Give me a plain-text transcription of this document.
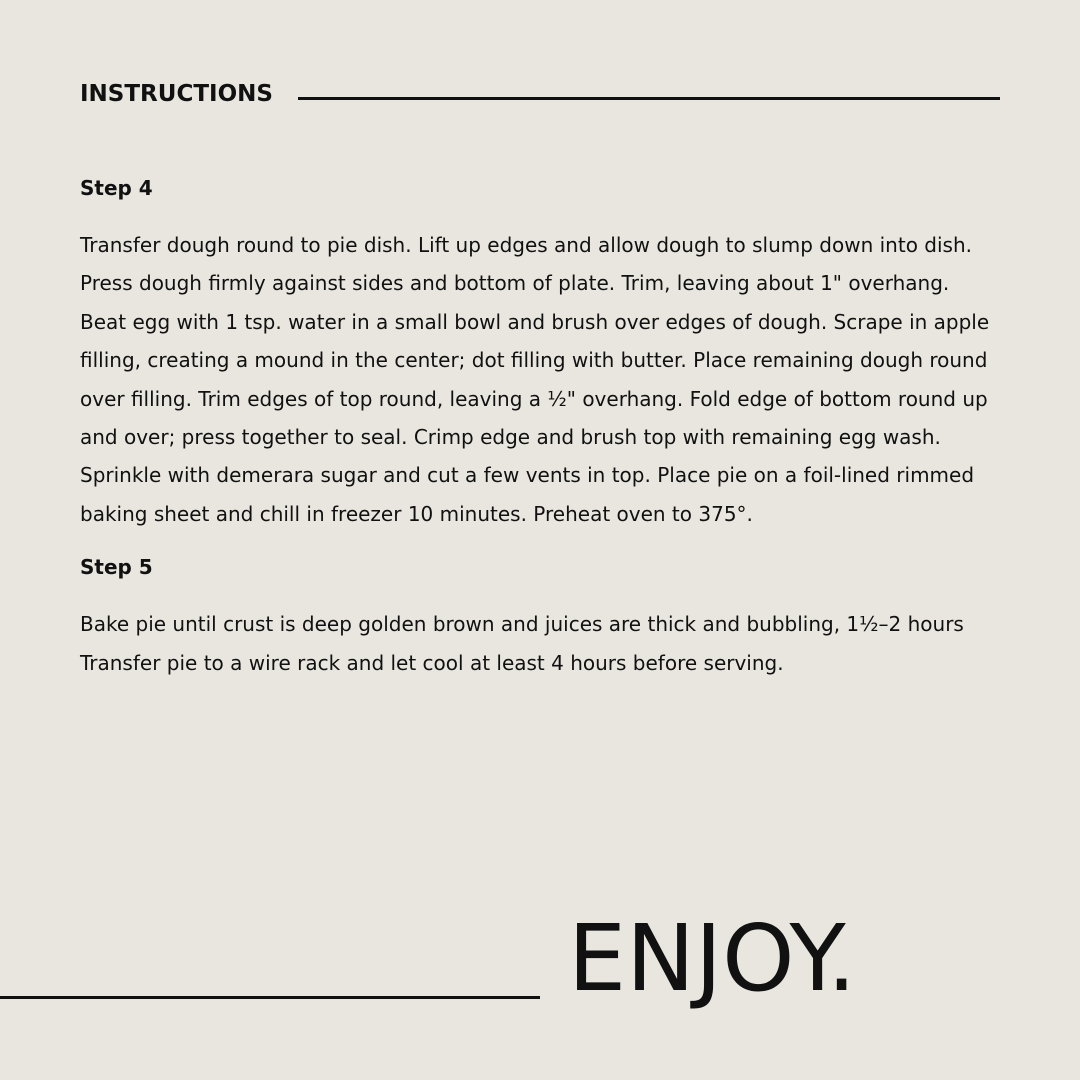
INSTRUCTIONS

Step 4

Transfer dough round to pie dish. Lift up edges and allow dough to slump down into dish. Press dough firmly against sides and bottom of plate. Trim, leaving about 1" overhang. Beat egg with 1 tsp. water in a small bowl and brush over edges of dough. Scrape in apple filling, creating a mound in the center; dot filling with butter. Place remaining dough round over filling. Trim edges of top round, leaving a ½" overhang. Fold edge of bottom round up and over; press together to seal. Crimp edge and brush top with remaining egg wash. Sprinkle with demerara sugar and cut a few vents in top. Place pie on a foil-lined rimmed baking sheet and chill in freezer 10 minutes. Preheat oven to 375°.

Step 5

Bake pie until crust is deep golden brown and juices are thick and bubbling, 1½–2 hours Transfer pie to a wire rack and let cool at least 4 hours before serving.

ENJOY.
